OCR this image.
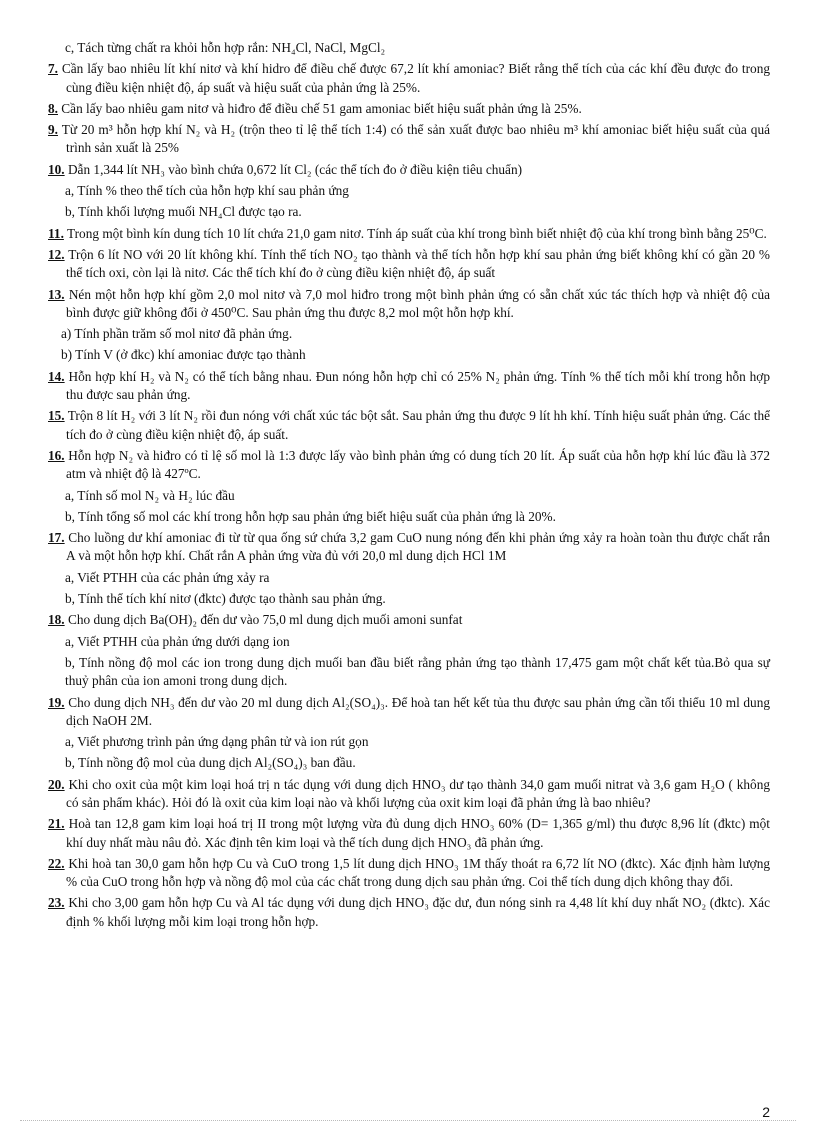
c, Tách từng chất ra khỏi hỗn hợp rắn: NH₄Cl, NaCl, MgCl₂
7. Cần lấy bao nhiêu lít khí nitơ và khí hidro để điều chế được 67,2 lít khí amoniac? Biết rằng thể tích của các khí đều được đo trong cùng điều kiện nhiệt độ, áp suất và hiệu suất của phản ứng là 25%.
8. Cần lấy bao nhiêu gam nitơ và hiđro để điều chế 51 gam amoniac biết hiệu suất phản ứng là 25%.
9. Từ 20 m³ hỗn hợp khí N₂ và H₂ (trộn theo tỉ lệ thể tích 1:4) có thể sản xuất được bao nhiêu m³ khí amoniac biết hiệu suất của quá trình sản xuất là 25%
10. Dẫn 1,344 lít NH₃ vào bình chứa 0,672 lít Cl₂ (các thể tích đo ở điều kiện tiêu chuẩn)
a, Tính % theo thể tích của hỗn hợp khí sau phản ứng
b, Tính khối lượng muối NH₄Cl được tạo ra.
11. Trong một bình kín dung tích 10 lít chứa 21,0 gam nitơ. Tính áp suất của khí trong bình biết nhiệt độ của khí trong bình bằng 25⁰C.
12. Trộn 6 lít NO với 20 lít không khí. Tính thể tích NO₂ tạo thành và thể tích hỗn hợp khí sau phản ứng biết không khí có gần 20 % thể tích oxi, còn lại là nitơ. Các thể tích khí đo ở cùng điều kiện nhiệt độ, áp suất
13. Nén một hỗn hợp khí gồm 2,0 mol nitơ và 7,0 mol hiđro trong một bình phản ứng có sẵn chất xúc tác thích hợp và nhiệt độ của bình được giữ không đổi ở 450⁰C. Sau phản ứng thu được 8,2 mol một hỗn hợp khí.
a) Tính phần trăm số mol nitơ đã phản ứng.
b) Tính V (ở đkc) khí amoniac được tạo thành
14. Hỗn hợp khí H₂ và N₂ có thể tích bằng nhau. Đun nóng hỗn hợp chỉ có 25% N₂ phản ứng. Tính % thể tích mỗi khí trong hỗn hợp thu được sau phản ứng.
15. Trộn 8 lít H₂ với 3 lít N₂ rồi đun nóng với chất xúc tác bột sắt. Sau phản ứng thu được 9 lít hh khí. Tính hiệu suất phản ứng. Các thể tích đo ở cùng điều kiện nhiệt độ, áp suất.
16. Hỗn hợp N₂ và hiđro có tỉ lệ số mol là 1:3 được lấy vào bình phản ứng có dung tích 20 lít. Áp suất của hỗn hợp khí lúc đầu là 372 atm và nhiệt độ là 427ºC.
a, Tính số mol N₂ và H₂ lúc đầu
b, Tính tổng số mol các khí trong hỗn hợp sau phản ứng biết hiệu suất của phản ứng là 20%.
17. Cho luồng dư khí amoniac đi từ từ qua ống sứ chứa 3,2 gam CuO nung nóng đến khi phản ứng xảy ra hoàn toàn thu được chất rắn A và một hỗn hợp khí. Chất rắn A phản ứng vừa đủ với 20,0 ml dung dịch HCl 1M
a, Viết PTHH của các phản ứng xảy ra
b, Tính thể tích khí nitơ (đktc) được tạo thành sau phản ứng.
18. Cho dung dịch Ba(OH)₂ đến dư vào 75,0 ml dung dịch muối amoni sunfat
a, Viết PTHH của phản ứng dưới dạng ion
b, Tính nồng độ mol các ion trong dung dịch muối ban đầu biết rằng phản ứng tạo thành 17,475 gam một chất kết tủa.Bỏ qua sự thuỷ phân của ion amoni trong dung dịch.
19. Cho dung dịch NH₃ đến dư vào 20 ml dung dịch Al₂(SO₄)₃. Để hoà tan hết kết tủa thu được sau phản ứng cần tối thiểu 10 ml dung dịch NaOH 2M.
a, Viết phương trình pản ứng dạng phân tử và ion rút gọn
b, Tính nồng độ mol của dung dịch Al₂(SO₄)₃ ban đầu.
20. Khi cho oxit của một kim loại hoá trị n tác dụng với dung dịch HNO₃ dư tạo thành 34,0 gam muối nitrat và 3,6 gam H₂O ( không có sản phẩm khác). Hỏi đó là oxit của kim loại nào và khối lượng của oxit kim loại đã phản ứng là bao nhiêu?
21. Hoà tan 12,8 gam kim loại hoá trị II trong một lượng vừa đủ dung dịch HNO₃ 60% (D= 1,365 g/ml) thu được 8,96 lít (đktc) một khí duy nhất màu nâu đỏ. Xác định tên kim loại và thể tích dung dịch HNO₃ đã phản ứng.
22. Khi hoà tan 30,0 gam hỗn hợp Cu và CuO trong 1,5 lít dung dịch HNO₃ 1M thấy thoát ra 6,72 lít NO (đktc). Xác định hàm lượng % của CuO trong hỗn hợp và nồng độ mol của các chất trong dung dịch sau phản ứng. Coi thể tích dung dịch không thay đổi.
23. Khi cho 3,00 gam hỗn hợp Cu và Al tác dụng với dung dịch HNO₃ đặc dư, đun nóng sinh ra 4,48 lít khí duy nhất NO₂ (đktc). Xác định % khối lượng mỗi kim loại trong hỗn hợp.
2
